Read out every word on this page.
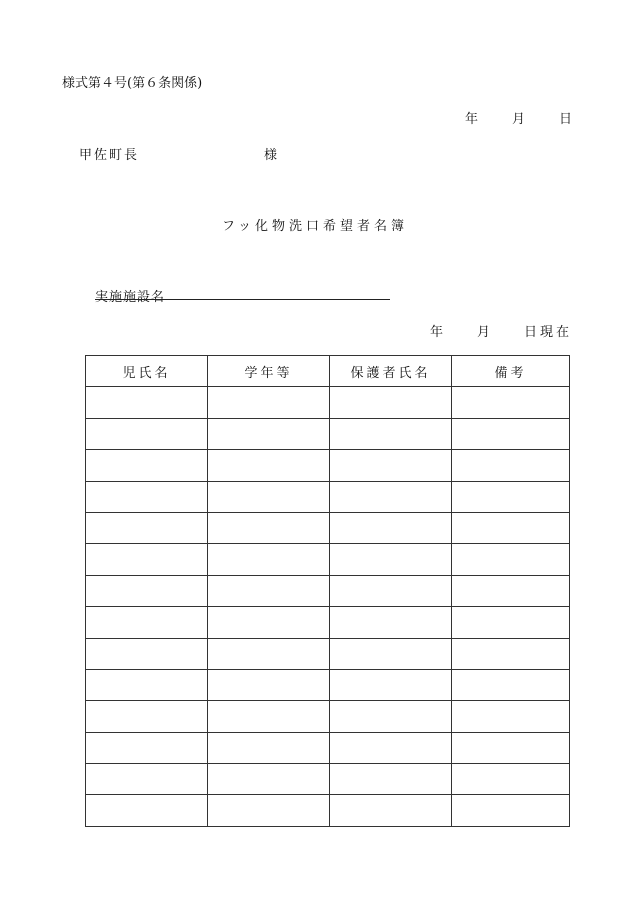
様式第４号(第６条関係)
年	月	日
甲佐町長	様
フッ化物洗口希望者名簿
実施施設名
年	月	日現在
児氏名	学年等	保護者氏名	備考
